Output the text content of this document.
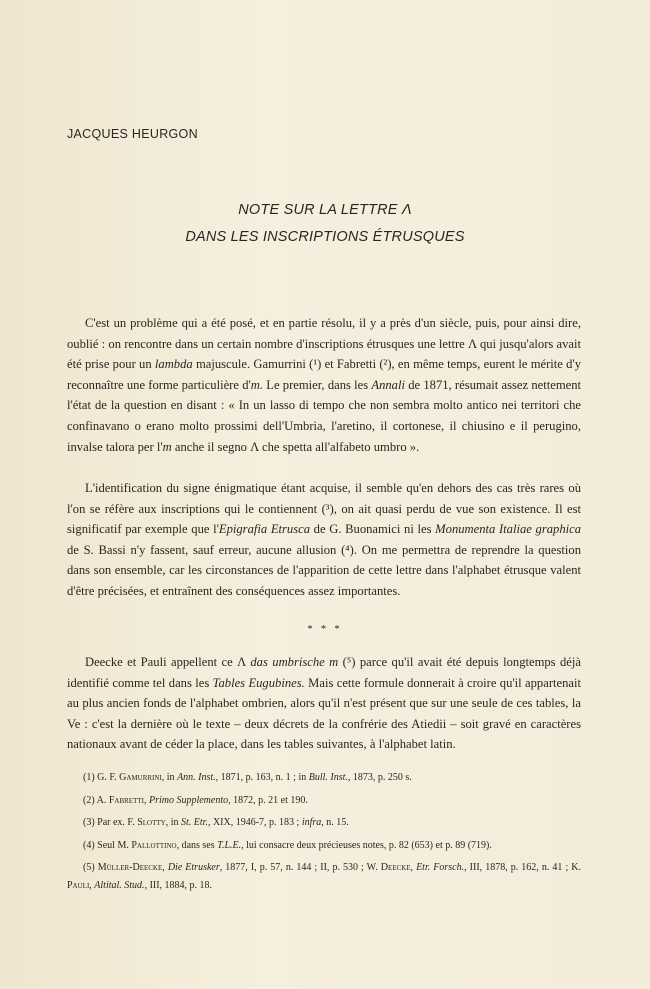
JACQUES HEURGON
NOTE SUR LA LETTRE Λ
DANS LES INSCRIPTIONS ÉTRUSQUES

C'est un problème qui a été posé, et en partie résolu, il y a près d'un siècle, puis, pour ainsi dire, oublié : on rencontre dans un certain nombre d'inscriptions étrusques une lettre Λ qui jusqu'alors avait été prise pour un lambda majuscule. Gamurrini (¹) et Fabretti (²), en même temps, eurent le mérite d'y reconnaître une forme particulière d'm. Le premier, dans les Annali de 1871, résumait assez nettement l'état de la question en disant : « In un lasso di tempo che non sembra molto antico nei territori che confinavano o erano molto prossimi dell'Umbria, l'aretino, il cortonese, il chiusino e il perugino, invalse talora per l'm anche il segno Λ che spetta all'alfabeto umbro ».

L'identification du signe énigmatique étant acquise, il semble qu'en dehors des cas très rares où l'on se réfère aux inscriptions qui le contiennent (³), on ait quasi perdu de vue son existence. Il est significatif par exemple que l'Epigrafia Etrusca de G. Buonamici ni les Monumenta Italiae graphica de S. Bassi n'y fassent, sauf erreur, aucune allusion (⁴). On me permettra de reprendre la question dans son ensemble, car les circonstances de l'apparition de cette lettre dans l'alphabet étrusque valent d'être précisées, et entraînent des conséquences assez importantes.

* * *

Deecke et Pauli appellent ce Λ das umbrische m (⁵) parce qu'il avait été depuis longtemps déjà identifié comme tel dans les Tables Eugubines. Mais cette formule donnerait à croire qu'il appartenait au plus ancien fonds de l'alphabet ombrien, alors qu'il n'est présent que sur une seule de ces tables, la Ve : c'est la dernière où le texte – deux décrets de la confrérie des Atiedii – soit gravé en caractères nationaux avant de céder la place, dans les tables suivantes, à l'alphabet latin.

(1) G. F. Gamurrini, in Ann. Inst., 1871, p. 163, n. 1 ; in Bull. Inst., 1873, p. 250 s.

(2) A. Fabretti, Primo Supplemento, 1872, p. 21 et 190.

(3) Par ex. F. Slotty, in St. Etr., XIX, 1946-7, p. 183 ; infra, n. 15.

(4) Seul M. Pallottino, dans ses T.L.E., lui consacre deux précieuses notes, p. 82 (653) et p. 89 (719).

(5) Müller-Deecke, Die Etrusker, 1877, I, p. 57, n. 144 ; II, p. 530 ; W. Deecke, Etr. Forsch., III, 1878, p. 162, n. 41 ; K. Pauli, Altital. Stud., III, 1884, p. 18.
